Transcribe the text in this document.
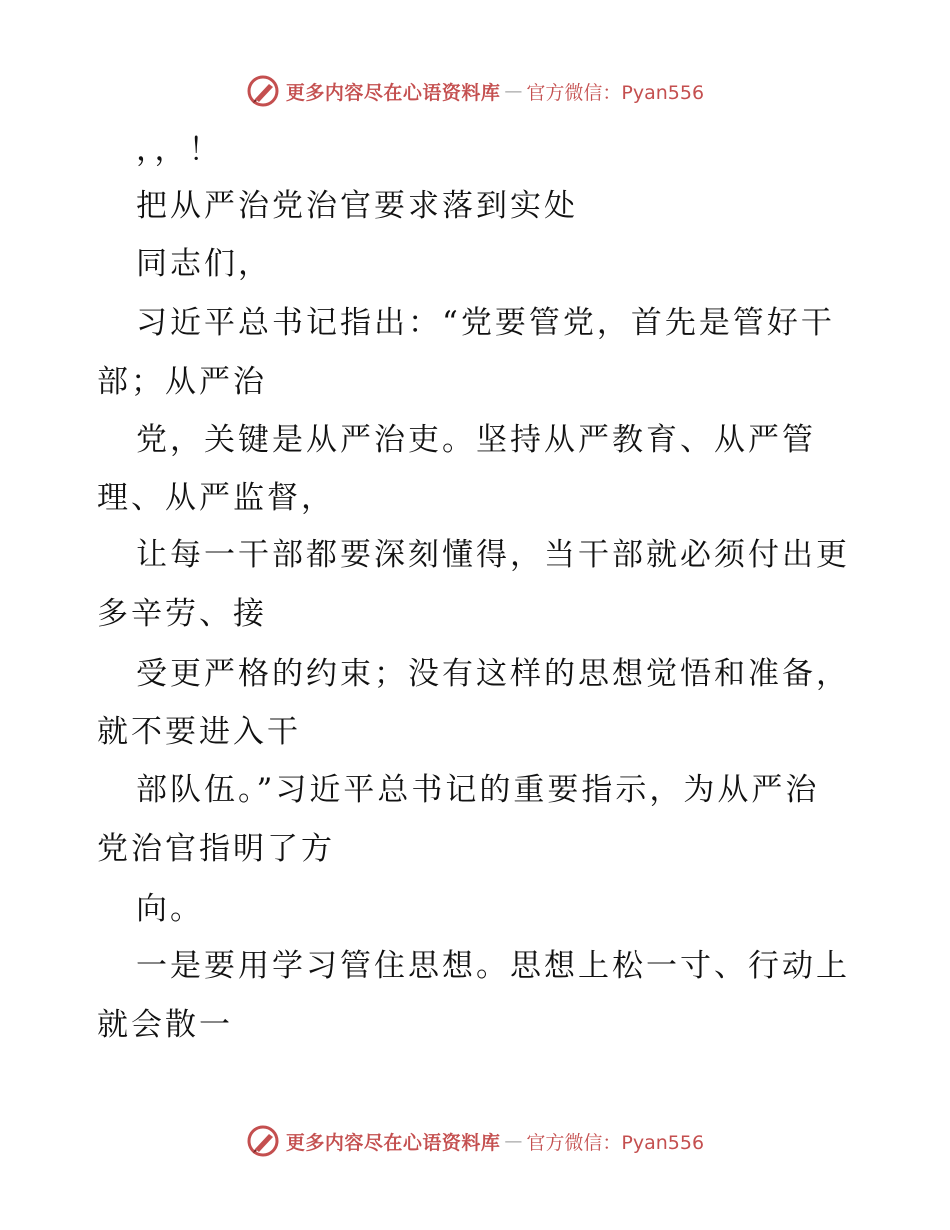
更多内容尽在心语资料库 — 官方微信：Pyan556
，，！
把从严治党治官要求落到实处
同志们，
习近平总书记指出：“党要管党，首先是管好干
部；从严治
党，关键是从严治吏。坚持从严教育、从严管
理、从严监督，
让每一干部都要深刻懂得，当干部就必须付出更
多辛劳、接
受更严格的约束；没有这样的思想觉悟和准备，
就不要进入干
部队伍。”习近平总书记的重要指示，为从严治
党治官指明了方
向。
一是要用学习管住思想。思想上松一寸、行动上
就会散一
更多内容尽在心语资料库 — 官方微信：Pyan556
